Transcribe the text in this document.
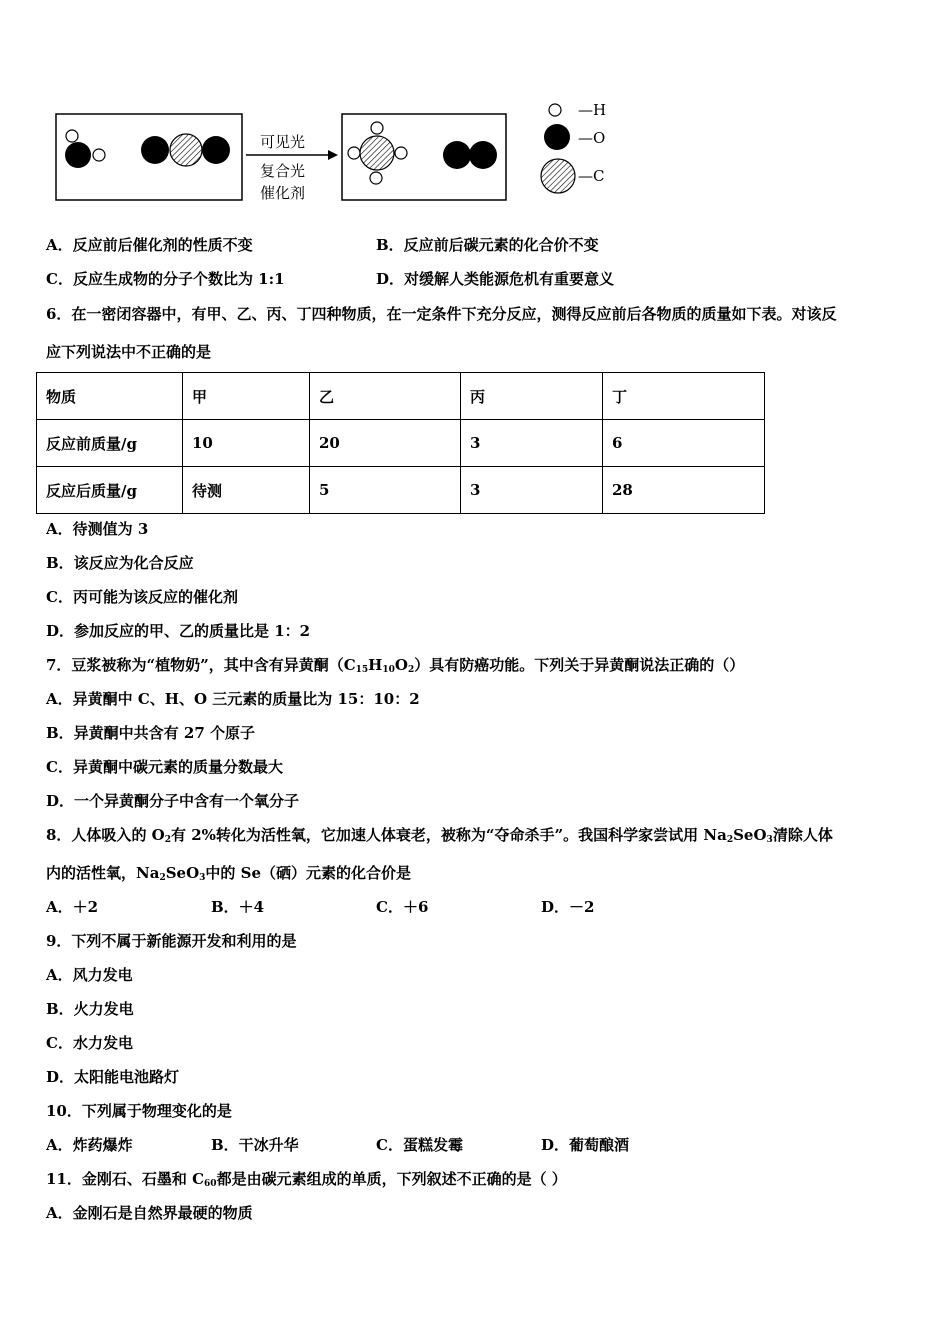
可见光
复合光
催化剂
—H
—O
—C
A．反应前后催化剂的性质不变	B．反应前后碳元素的化合价不变
C．反应生成物的分子个数比为 1:1	D．对缓解人类能源危机有重要意义
6．在一密闭容器中，有甲、乙、丙、丁四种物质，在一定条件下充分反应，测得反应前后各物质的质量如下表。对该反
应下列说法中不正确的是
物质	甲	乙	丙	丁
反应前质量/g	10	20	3	6
反应后质量/g	待测	5	3	28
A．待测值为 3
B．该反应为化合反应
C．丙可能为该反应的催化剂
D．参加反应的甲、乙的质量比是 1：2
7．豆浆被称为“植物奶”，其中含有异黄酮$(C_{15}H_{10}O_2)$具有防癌功能。下列关于异黄酮说法正确的（）
A．异黄酮中 C、H、O 三元素的质量比为 15：10：2
B．异黄酮中共含有 27 个原子
C．异黄酮中碳元素的质量分数最大
D．一个异黄酮分子中含有一个氧分子
8．人体吸入的 $O_2$有 2%转化为活性氧，它加速人体衰老，被称为“夺命杀手”。我国科学家尝试用 $Na_2SeO_3$清除人体
内的活性氧，$Na_2SeO_3$中的 Se（硒）元素的化合价是
A．＋2	B．＋4	C．＋6	D．－2
9．下列不属于新能源开发和利用的是
A．风力发电
B．火力发电
C．水力发电
D．太阳能电池路灯
10．下列属于物理变化的是
A．炸药爆炸	B．干冰升华	C．蛋糕发霉	D．葡萄酿酒
11．金刚石、石墨和 $C_{60}$都是由碳元素组成的单质，下列叙述不正确的是（ ）
A．金刚石是自然界最硬的物质
